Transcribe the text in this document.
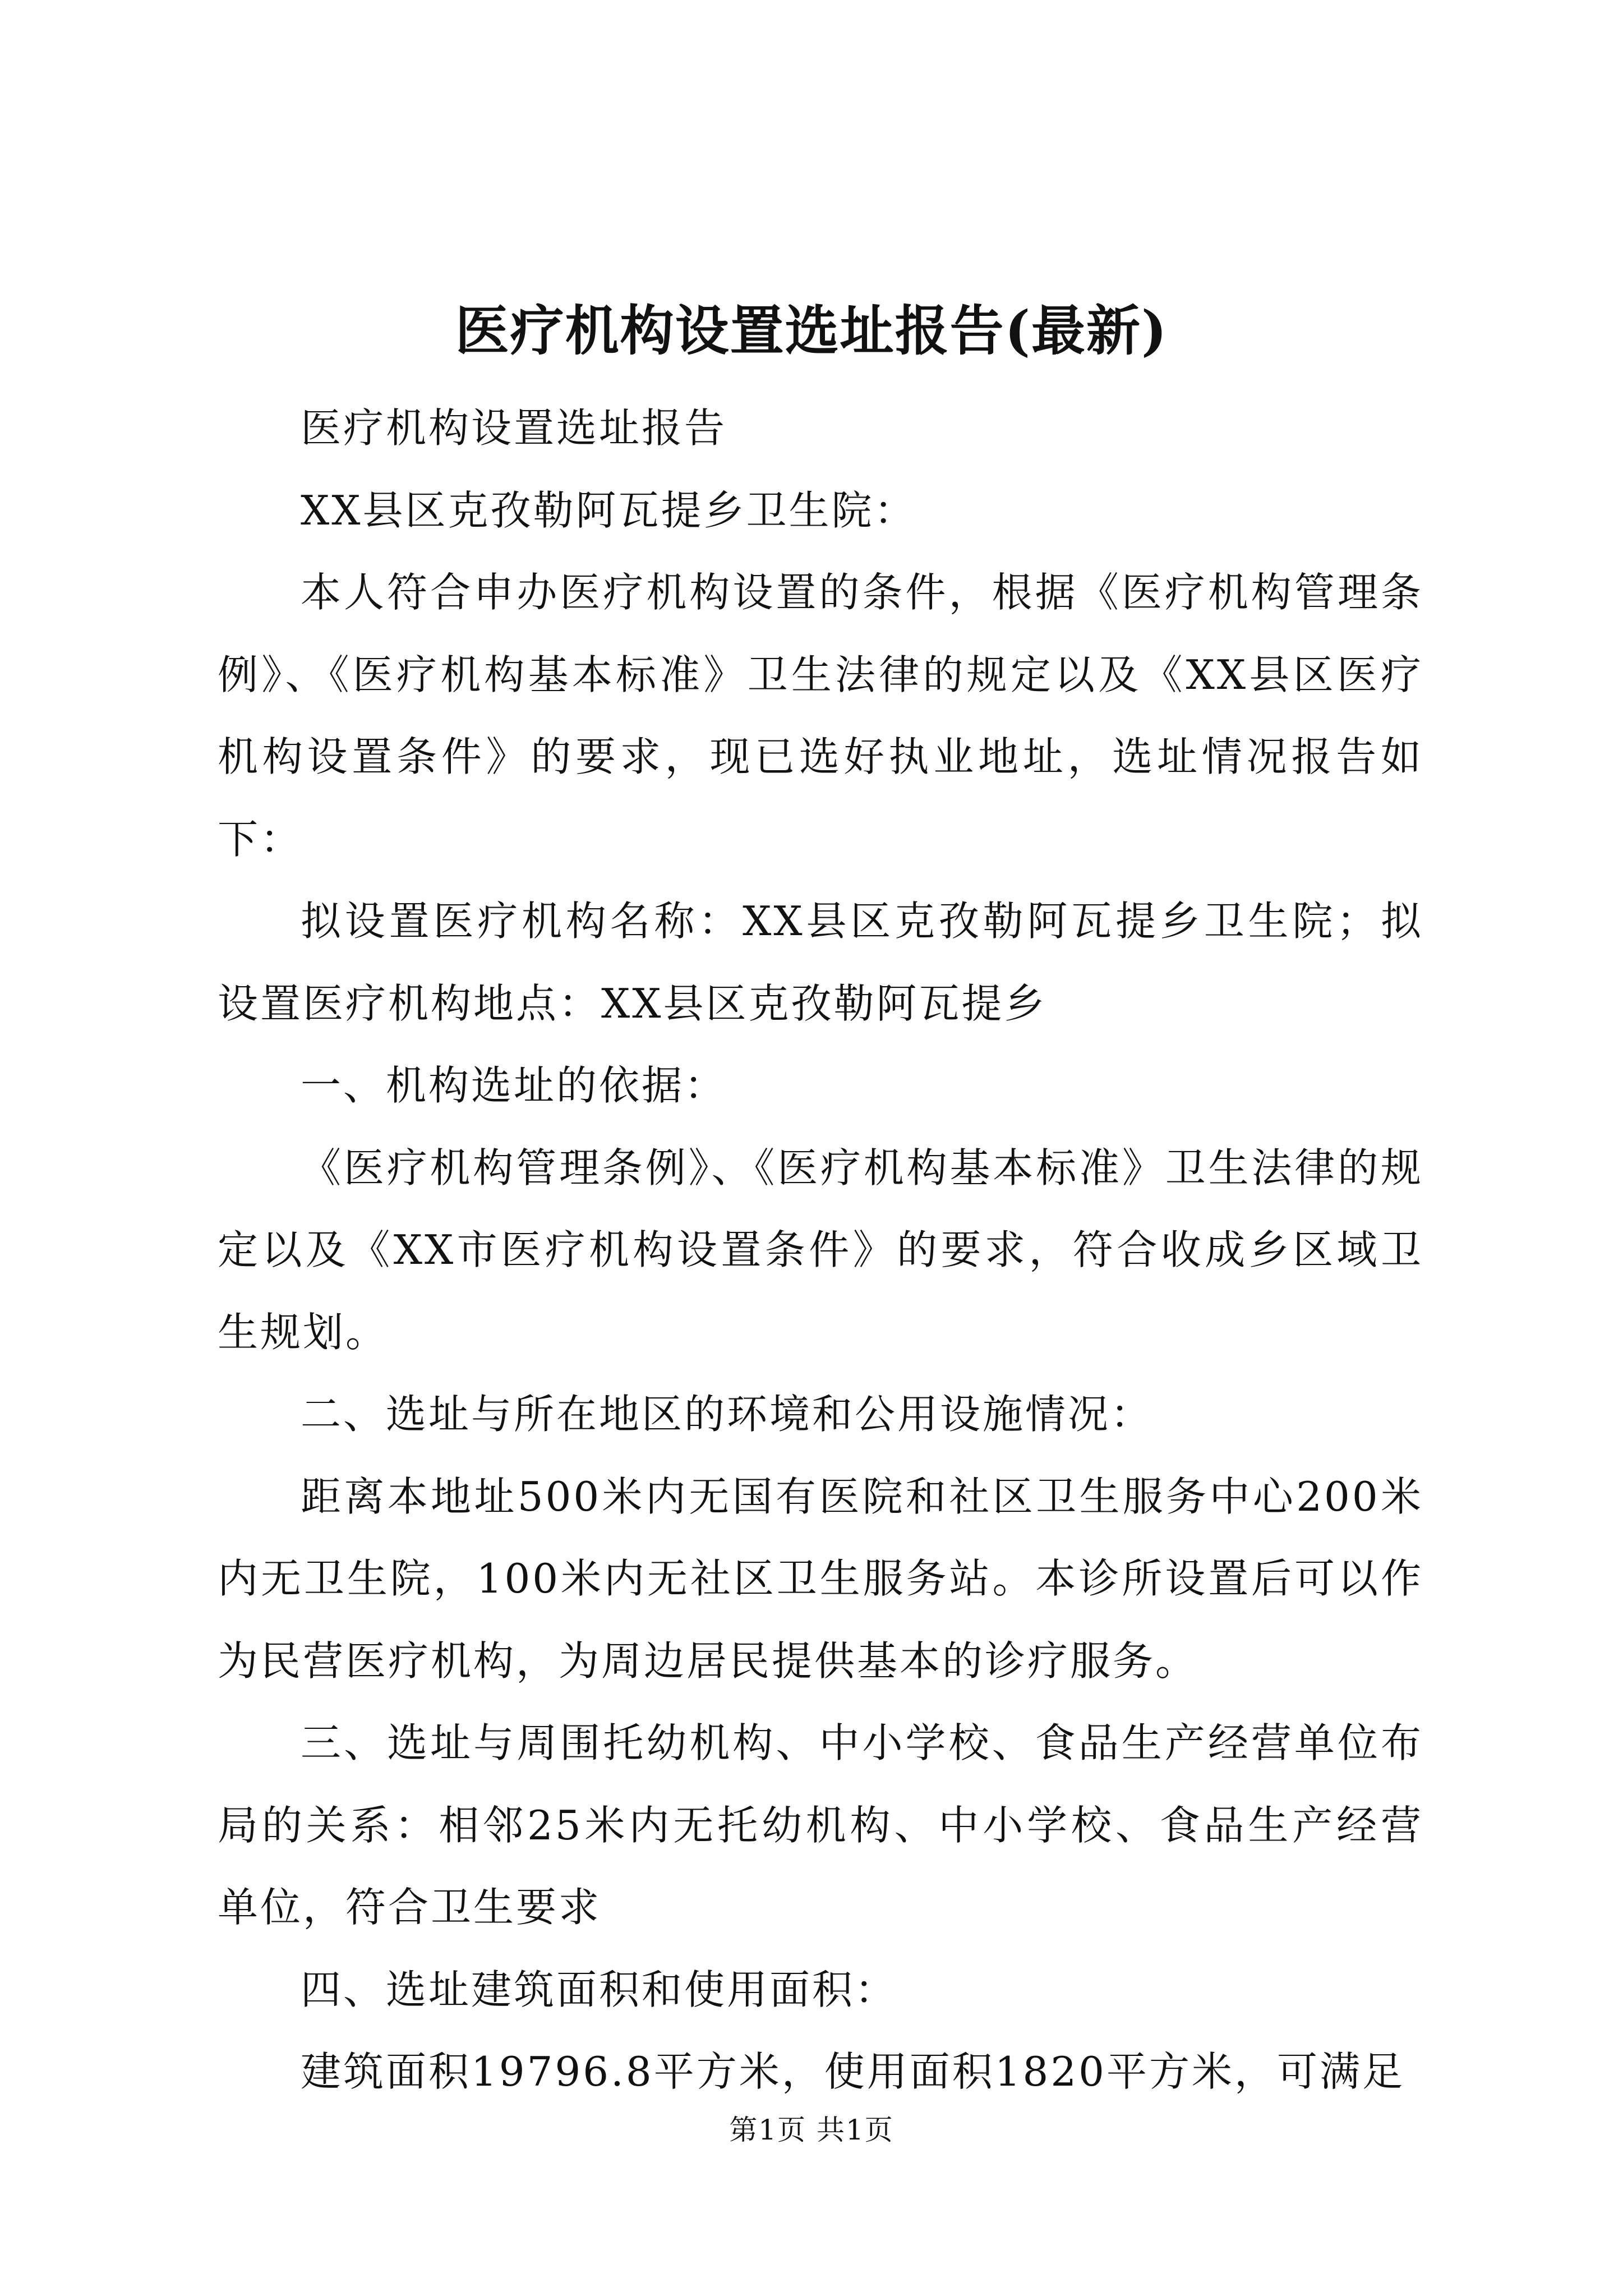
医疗机构设置选址报告(最新)

医疗机构设置选址报告

XX县区克孜勒阿瓦提乡卫生院：

本人符合申办医疗机构设置的条件，根据《医疗机构管理条例》、《医疗机构基本标准》卫生法律的规定以及《XX县区医疗机构设置条件》的要求，现已选好执业地址，选址情况报告如下：

拟设置医疗机构名称：XX县区克孜勒阿瓦提乡卫生院；拟设置医疗机构地点：XX县区克孜勒阿瓦提乡

一、机构选址的依据：

《医疗机构管理条例》、《医疗机构基本标准》卫生法律的规定以及《XX市医疗机构设置条件》的要求，符合收成乡区域卫生规划。

二、选址与所在地区的环境和公用设施情况：

距离本地址500米内无国有医院和社区卫生服务中心200米内无卫生院，100米内无社区卫生服务站。本诊所设置后可以作为民营医疗机构，为周边居民提供基本的诊疗服务。

三、选址与周围托幼机构、中小学校、食品生产经营单位布局的关系：相邻25米内无托幼机构、中小学校、食品生产经营单位，符合卫生要求

四、选址建筑面积和使用面积：

建筑面积19796.8平方米，使用面积1820平方米，可满足

第1页 共1页
